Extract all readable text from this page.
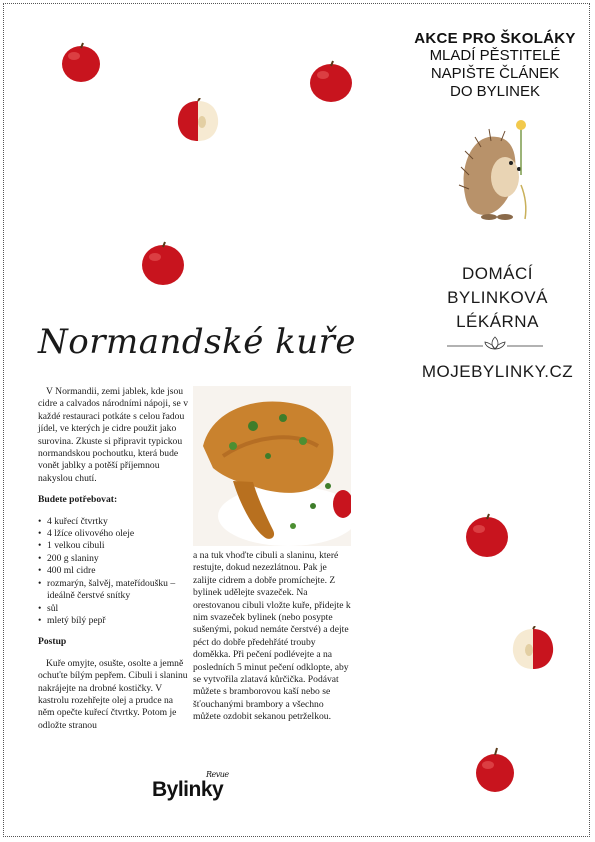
AKCE PRO ŠKOLÁKY
MLADÍ PĚSTITELÉ
NAPIŠTE ČLÁNEK
DO BYLINEK
DOMÁCÍ
BYLINKOVÁ
LÉKÁRNA
MOJEBYLINKY.CZ
Normandské kuře

V Normandii, zemi jablek, kde jsou cidre a calvados národními nápoji, se v každé restauraci potkáte s celou řadou jídel, ve kterých je cidre použit jako surovina. Zkuste si připravit typickou normandskou pochoutku, která bude vonět jablky a potěší příjemnou nakyslou chutí.

Budete potřebovat:

• 4 kuřecí čtvrtky
• 4 lžíce olivového oleje
• 1 velkou cibuli
• 200 g slaniny
• 400 ml cidre
• rozmarýn, šalvěj, mateřídoušku – ideálně čerstvé snítky
• sůl
• mletý bílý pepř

Postup

Kuře omyjte, osušte, osolte a jemně ochuťte bílým pepřem. Cibuli i slaninu nakrájejte na drobné kostičky. V kastrolu rozehřejte olej a prudce na něm opečte kuřecí čtvrtky. Potom je odložte stranou

a na tuk vhoďte cibuli a slaninu, které restujte, dokud nezezlátnou. Pak je zalijte cidrem a dobře promíchejte. Z bylinek udělejte svazeček. Na orestovanou cibuli vložte kuře, přidejte k nim svazeček bylinek (nebo posypte sušenými, pokud nemáte čerstvé) a dejte péct do dobře předehřáté trouby doměkka. Při pečení podlévejte a na posledních 5 minut pečení odklopte, aby se vytvořila zlatavá kůrčička. Podávat můžete s bramborovou kaší nebo se šťouchanými brambory a všechno můžete ozdobit sekanou petrželkou.

Bylinky
Revue
